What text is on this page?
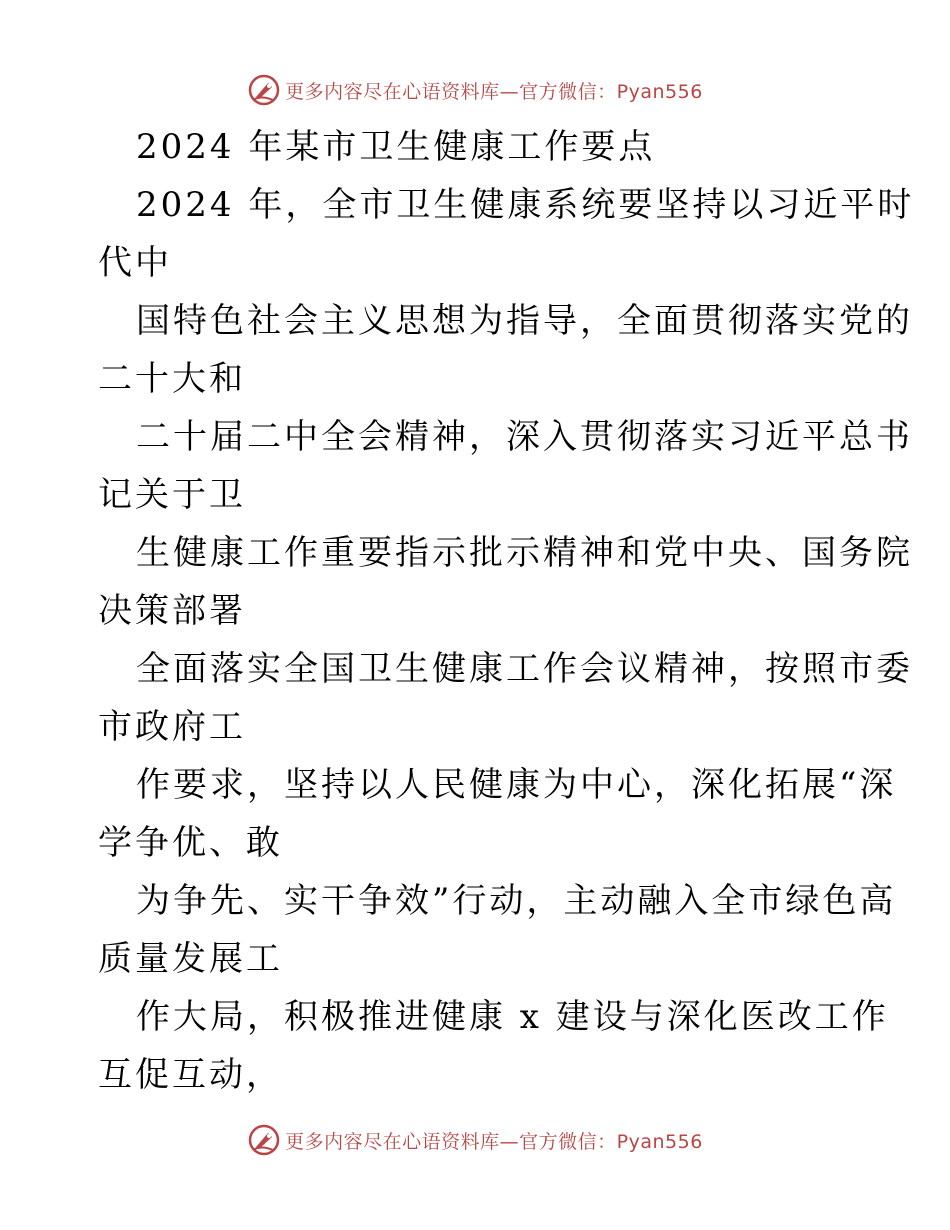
更多内容尽在心语资料库—官方微信：Pyan556
2024 年某市卫生健康工作要点
2024 年，全市卫生健康系统要坚持以习近平时
代中
国特色社会主义思想为指导，全面贯彻落实党的
二十大和
二十届二中全会精神，深入贯彻落实习近平总书
记关于卫
生健康工作重要指示批示精神和党中央、国务院
决策部署
全面落实全国卫生健康工作会议精神，按照市委
市政府工
作要求，坚持以人民健康为中心，深化拓展“深
学争优、敢
为争先、实干争效”行动，主动融入全市绿色高
质量发展工
作大局，积极推进健康 x 建设与深化医改工作
互促互动，
更多内容尽在心语资料库—官方微信：Pyan556
